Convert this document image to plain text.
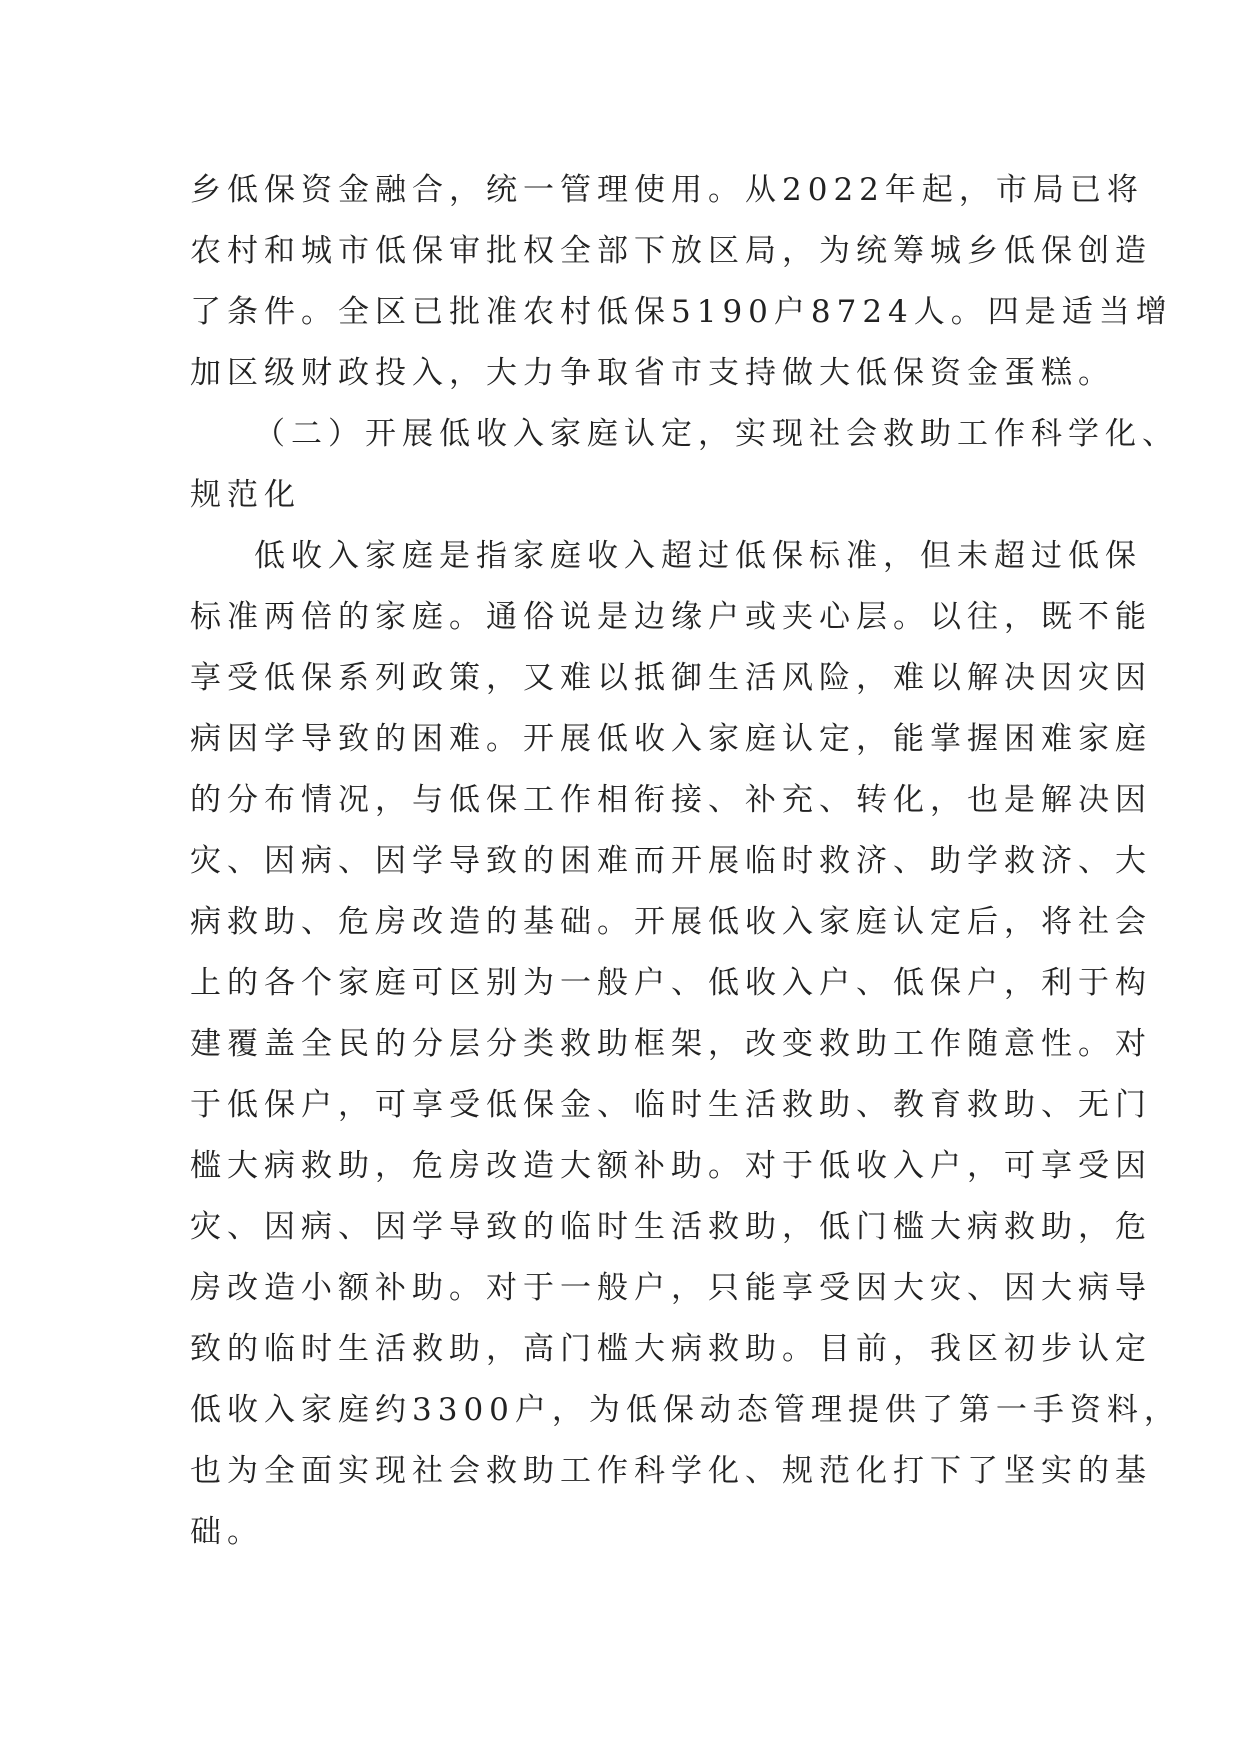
乡低保资金融合，统一管理使用。从2022年起，市局已将
农村和城市低保审批权全部下放区局，为统筹城乡低保创造
了条件。全区已批准农村低保5190户8724人。四是适当增
加区级财政投入，大力争取省市支持做大低保资金蛋糕。
（二）开展低收入家庭认定，实现社会救助工作科学化、
规范化
低收入家庭是指家庭收入超过低保标准，但未超过低保
标准两倍的家庭。通俗说是边缘户或夹心层。以往，既不能
享受低保系列政策，又难以抵御生活风险，难以解决因灾因
病因学导致的困难。开展低收入家庭认定，能掌握困难家庭
的分布情况，与低保工作相衔接、补充、转化，也是解决因
灾、因病、因学导致的困难而开展临时救济、助学救济、大
病救助、危房改造的基础。开展低收入家庭认定后，将社会
上的各个家庭可区别为一般户、低收入户、低保户，利于构
建覆盖全民的分层分类救助框架，改变救助工作随意性。对
于低保户，可享受低保金、临时生活救助、教育救助、无门
槛大病救助，危房改造大额补助。对于低收入户，可享受因
灾、因病、因学导致的临时生活救助，低门槛大病救助，危
房改造小额补助。对于一般户，只能享受因大灾、因大病导
致的临时生活救助，高门槛大病救助。目前，我区初步认定
低收入家庭约3300户，为低保动态管理提供了第一手资料，
也为全面实现社会救助工作科学化、规范化打下了坚实的基
础。
